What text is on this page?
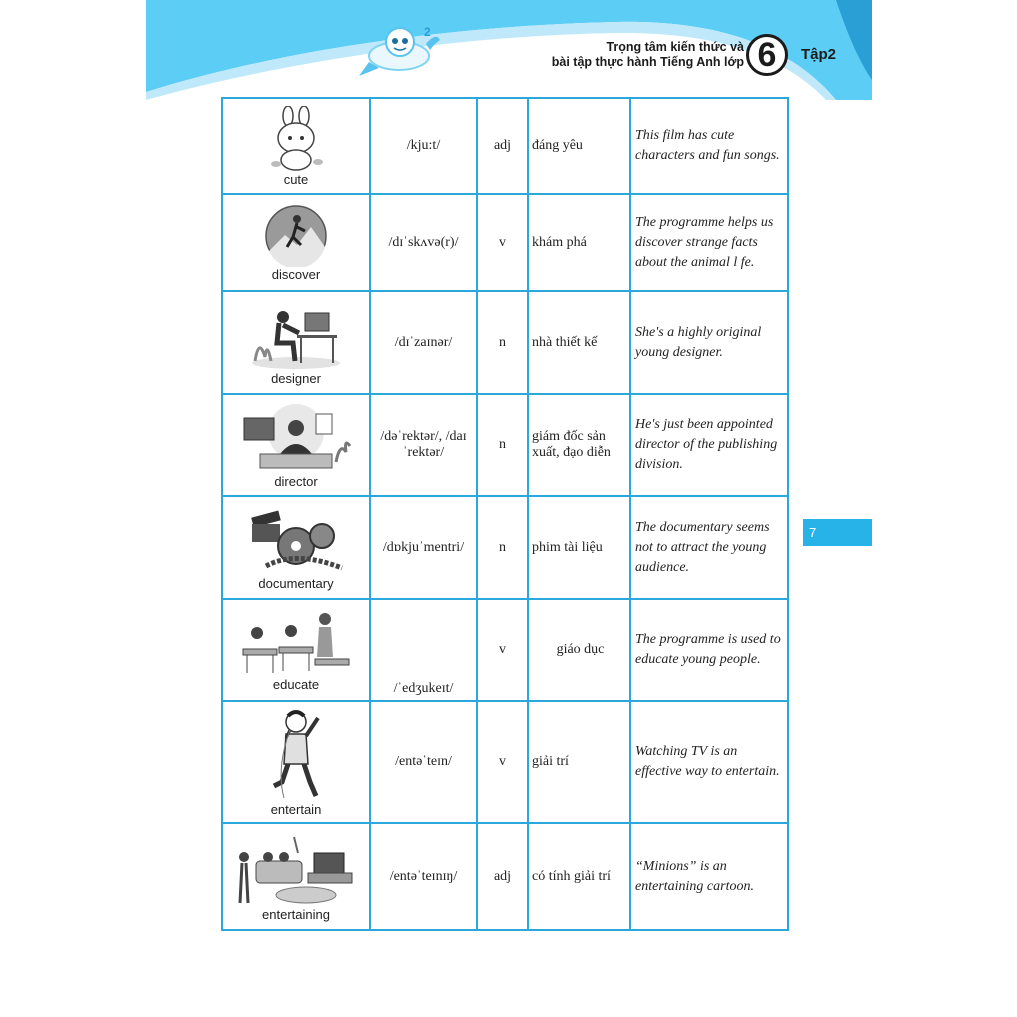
2
Trọng tâm kiến thức và
bài tập thực hành Tiếng Anh lớp 6	Tập2
7
cute	/kju:t/	adj	đáng yêu	This film has cute characters and fun songs.

discover	/dɪˈskʌvə(r)/	v	khám phá	The programme helps us discover strange facts about the animal l fe.

designer	/dɪˈzaɪnər/	n	nhà thiết kế	She's a highly original young designer.

director	/dəˈrektər/, /daɪˈrektər/	n	giám đốc sản xuất, đạo diễn	He's just been appointed director of the publishing division.

documentary	/dɒkjuˈmentri/	n	phim tài liệu	The documentary seems not to attract the young audience.

educate	/ˈedʒukeɪt/	v	giáo dục	The programme is used to educate young people.

entertain	/entəˈteɪn/	v	giải trí	Watching TV is an effective way to entertain.

entertaining	/entəˈteɪnɪŋ/	adj	có tính giải trí	“Minions” is an entertaining cartoon.
